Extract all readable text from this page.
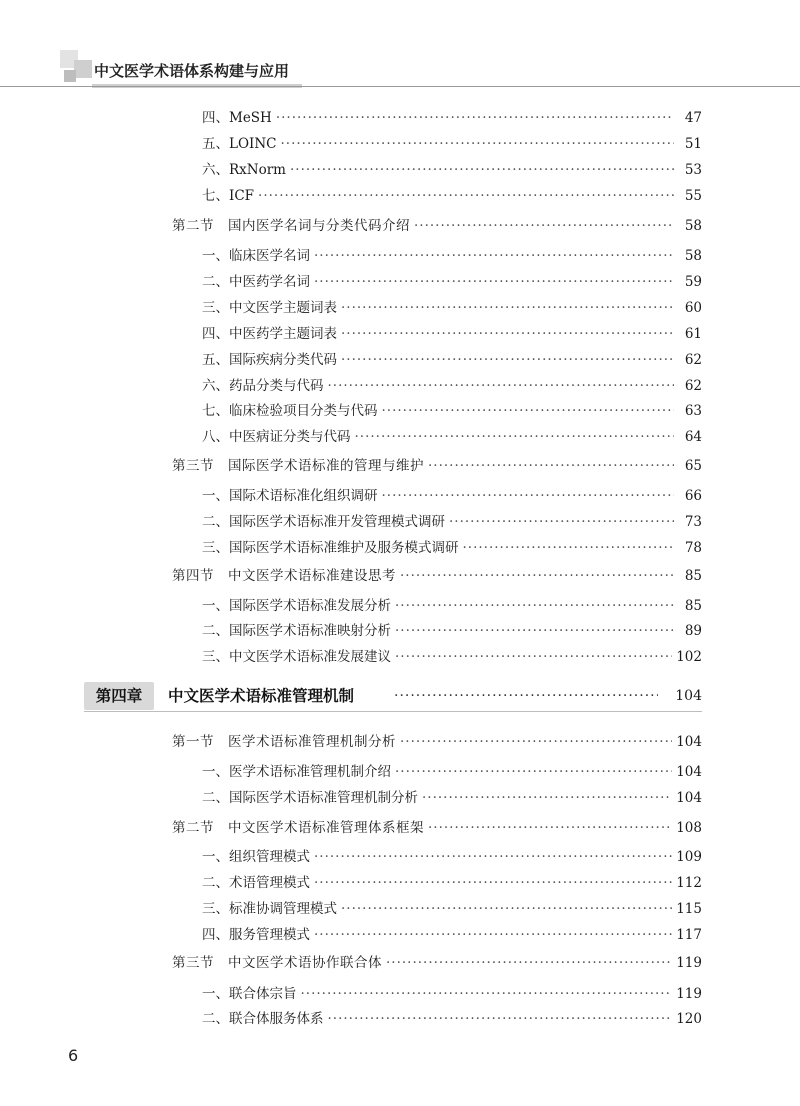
中文医学术语体系构建与应用
四、MeSH ·····	47
五、LOINC ·····	51
六、RxNorm ·····	53
七、ICF ·····	55
第二节　国内医学名词与分类代码介绍 ·····	58
一、临床医学名词 ·····	58
二、中医药学名词 ·····	59
三、中文医学主题词表 ·····	60
四、中医药学主题词表 ·····	61
五、国际疾病分类代码 ·····	62
六、药品分类与代码 ·····	62
七、临床检验项目分类与代码 ·····	63
八、中医病证分类与代码 ·····	64
第三节　国际医学术语标准的管理与维护 ·····	65
一、国际术语标准化组织调研 ·····	66
二、国际医学术语标准开发管理模式调研 ·····	73
三、国际医学术语标准维护及服务模式调研 ·····	78
第四节　中文医学术语标准建设思考 ·····	85
一、国际医学术语标准发展分析 ·····	85
二、国际医学术语标准映射分析 ·····	89
三、中文医学术语标准发展建议 ·····	102
第四章	中文医学术语标准管理机制 ·····	104
第一节　医学术语标准管理机制分析 ·····	104
一、医学术语标准管理机制介绍 ·····	104
二、国际医学术语标准管理机制分析 ·····	104
第二节　中文医学术语标准管理体系框架 ·····	108
一、组织管理模式 ·····	109
二、术语管理模式 ·····	112
三、标准协调管理模式 ·····	115
四、服务管理模式 ·····	117
第三节　中文医学术语协作联合体 ·····	119
一、联合体宗旨 ·····	119
二、联合体服务体系 ·····	120
6
